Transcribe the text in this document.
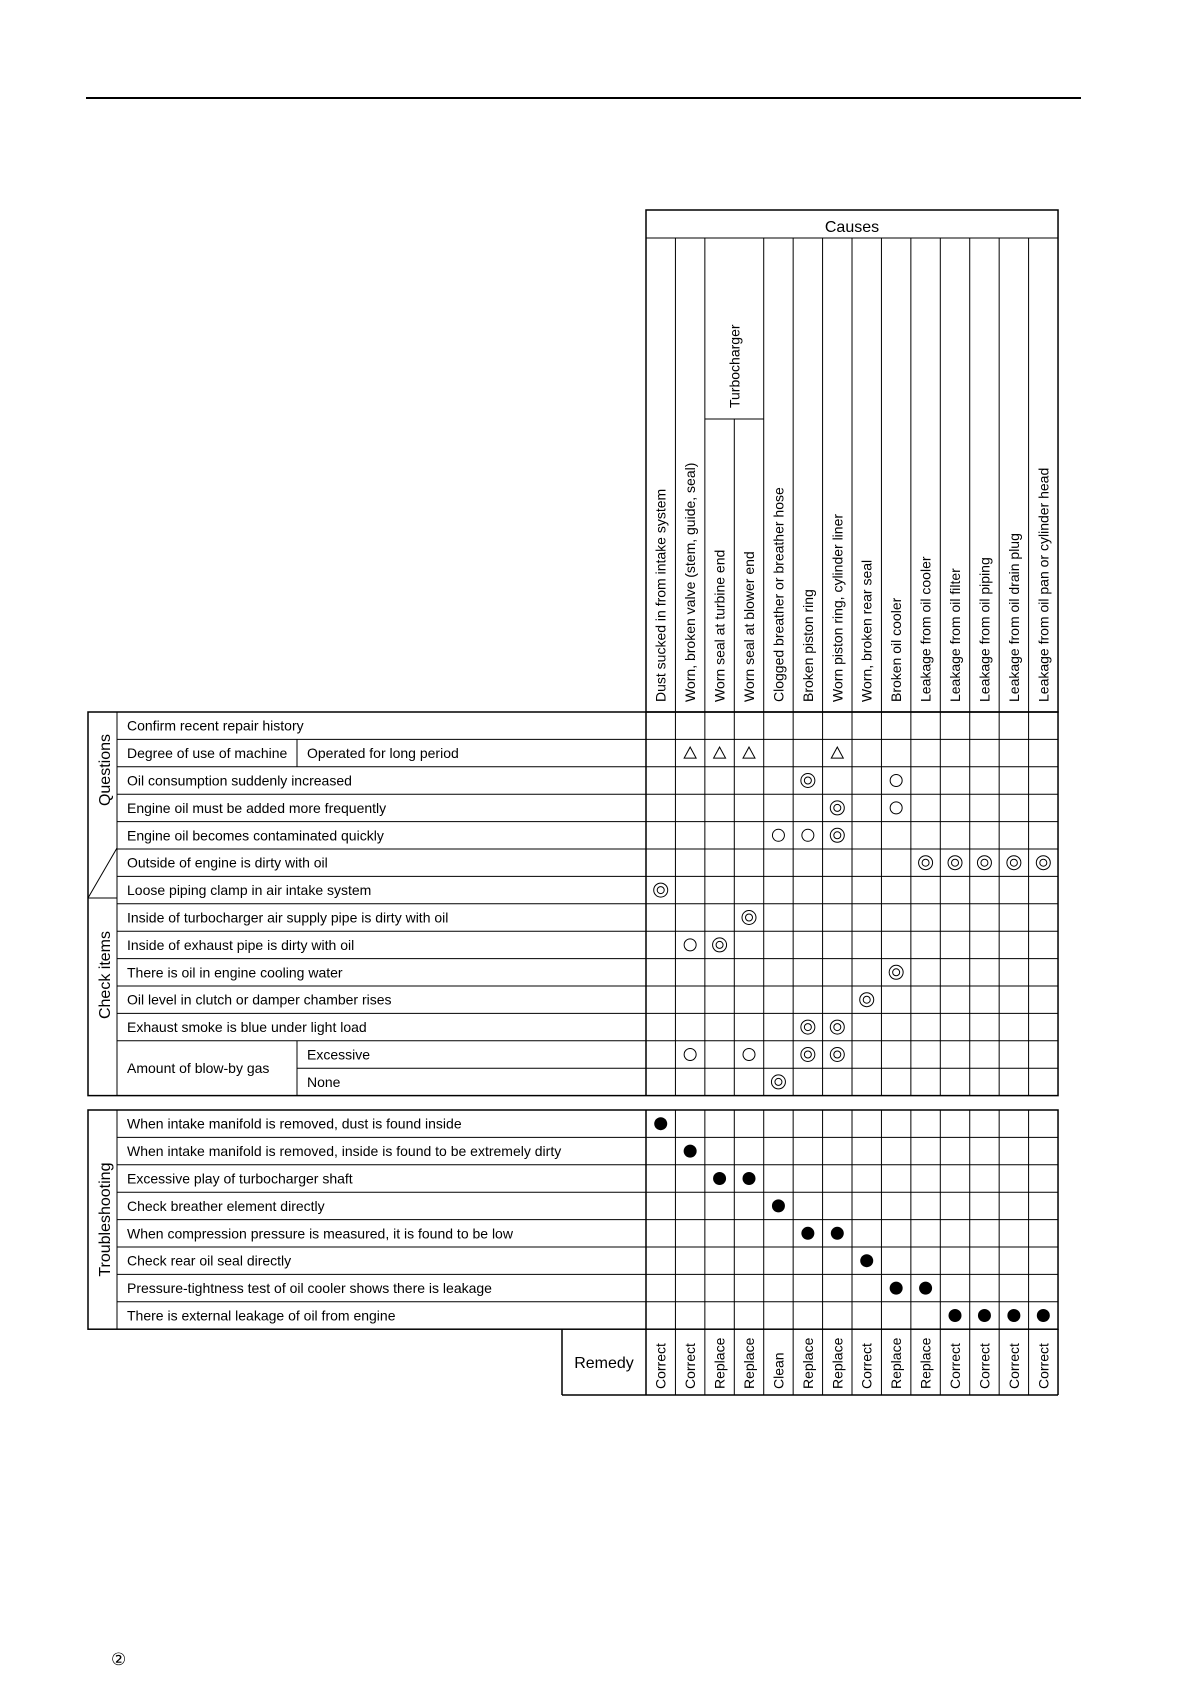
Causes
Turbocharger
Dust sucked in from intake system Worn, broken valve (stem, guide, seal) Worn seal at turbine end Worn seal at blower end Clogged breather or breather hose Broken piston ring Worn piston ring, cylinder liner Worn, broken rear seal Broken oil cooler Leakage from oil cooler Leakage from oil filter Leakage from oil piping Leakage from oil drain plug Leakage from oil pan or cylinder head
Questions
Check items
Confirm recent repair history
Degree of use of machine Operated for long period
Oil consumption suddenly increased
Engine oil must be added more frequently
Engine oil becomes contaminated quickly
Outside of engine is dirty with oil
Loose piping clamp in air intake system
Inside of turbocharger air supply pipe is dirty with oil
Inside of exhaust pipe is dirty with oil
There is oil in engine cooling water
Oil level in clutch or damper chamber rises
Exhaust smoke is blue under light load
Amount of blow-by gas
Excessive
None
Troubleshooting
When intake manifold is removed, dust is found inside
When intake manifold is removed, inside is found to be extremely dirty
Excessive play of turbocharger shaft
Check breather element directly
When compression pressure is measured, it is found to be low
Check rear oil seal directly
Pressure-tightness test of oil cooler shows there is leakage
There is external leakage of oil from engine
Remedy Correct Correct Replace Replace Clean Replace Replace Correct Replace Replace Correct Correct Correct Correct
②
